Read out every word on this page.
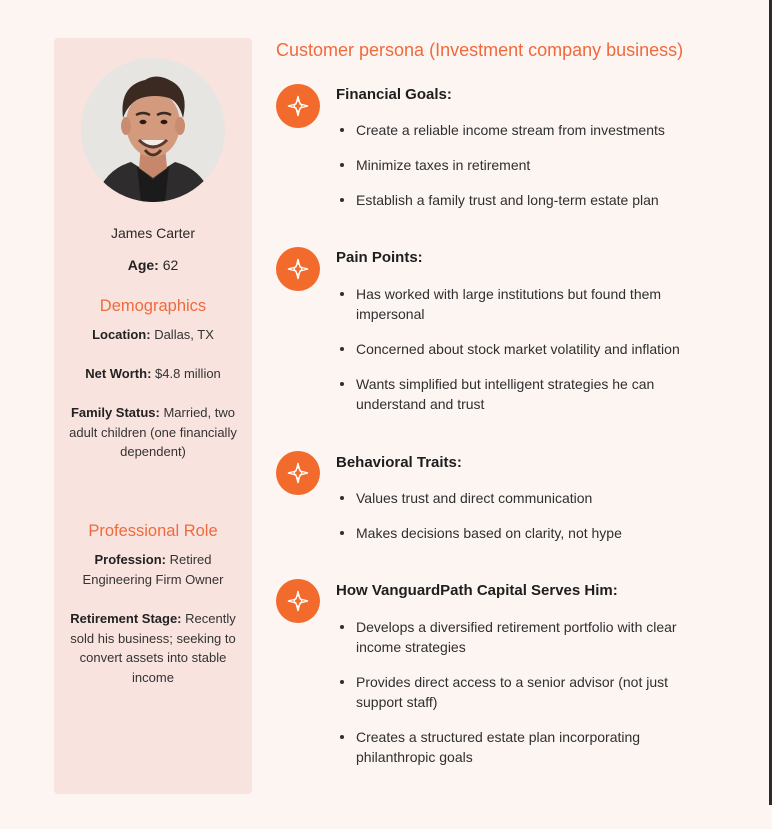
James Carter
Age: 62
Demographics
Location: Dallas, TX
Net Worth: $4.8 million
Family Status: Married, two adult children (one financially dependent)
Professional Role
Profession: Retired Engineering Firm Owner
Retirement Stage: Recently sold his business; seeking to convert assets into stable income
Customer persona (Investment company business)
Financial Goals:
Create a reliable income stream from investments
Minimize taxes in retirement
Establish a family trust and long-term estate plan
Pain Points:
Has worked with large institutions but found them impersonal
Concerned about stock market volatility and inflation
Wants simplified but intelligent strategies he can understand and trust
Behavioral Traits:
Values trust and direct communication
Makes decisions based on clarity, not hype
How VanguardPath Capital Serves Him:
Develops a diversified retirement portfolio with clear income strategies
Provides direct access to a senior advisor (not just support staff)
Creates a structured estate plan incorporating philanthropic goals
